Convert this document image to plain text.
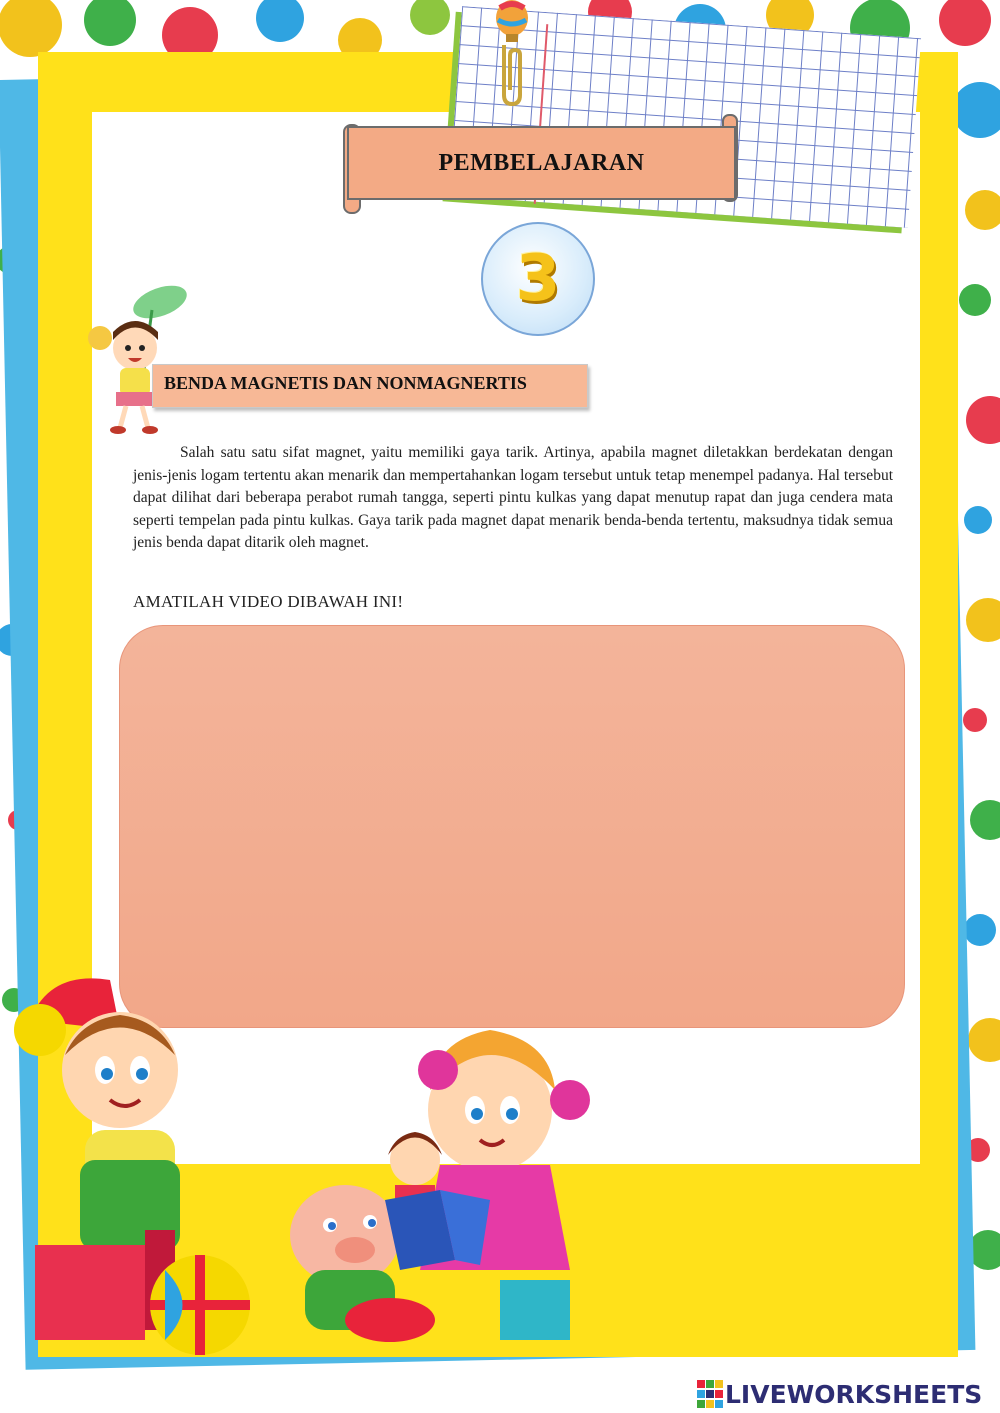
PEMBELAJARAN
3
BENDA MAGNETIS DAN NONMAGNERTIS

Salah satu satu sifat magnet, yaitu memiliki gaya tarik. Artinya, apabila magnet diletakkan berdekatan dengan jenis-jenis logam tertentu akan menarik dan mempertahankan logam tersebut untuk tetap menempel padanya. Hal tersebut dapat dilihat dari beberapa perabot rumah tangga, seperti pintu kulkas yang dapat menutup rapat dan juga cendera mata seperti tempelan pada pintu kulkas. Gaya tarik pada magnet dapat menarik benda-benda tertentu, maksudnya tidak semua jenis benda dapat ditarik oleh magnet.

AMATILAH VIDEO DIBAWAH INI!
LIVEWORKSHEETS
